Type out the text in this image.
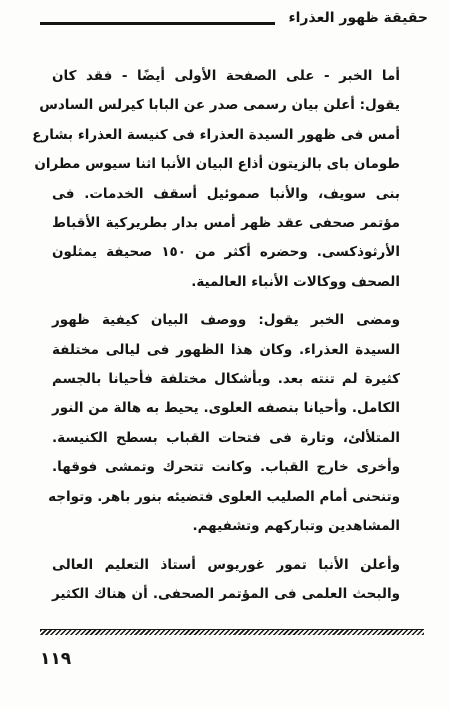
حقيقة ظهور العذراء

أما الخبر - على الصفحة الأولى أيضًا - فقد كان
يقول: أعلن بيان رسمى صدر عن البابا كيرلس السادس
أمس فى ظهور السيدة العذراء فى كنيسة العذراء بشارع
طومان باى بالزيتون أذاع البيان الأنبا اثنا سيوس مطران
بنى سويف، والأنبا صموئيل أسقف الخدمات. فى
مؤتمر صحفى عقد ظهر أمس بدار بطريركية الأقباط
الأرثوذكسى. وحضره أكثر من ١٥٠ صحيفة يمثلون
الصحف ووكالات الأنباء العالمية.

ومضى الخبر يقول: ووصف البيان كيفية ظهور
السيدة العذراء. وكان هذا الظهور فى ليالى مختلفة
كثيرة لم تنته بعد. وبأشكال مختلفة فأحيانا بالجسم
الكامل. وأحيانا بنصفه العلوى. يحيط به هالة من النور
المتلألئ، وتارة فى فتحات القباب بسطح الكنيسة.
وأخرى خارج القباب. وكانت تتحرك وتمشى فوقها.
وتنحنى أمام الصليب العلوى فتضيئه بنور باهر. وتواجه
المشاهدين وتباركهم وتشفيهم.

وأعلن الأنبا تمور غوريوس أستاذ التعليم العالى
والبحث العلمى فى المؤتمر الصحفى. أن هناك الكثير

١١٩
